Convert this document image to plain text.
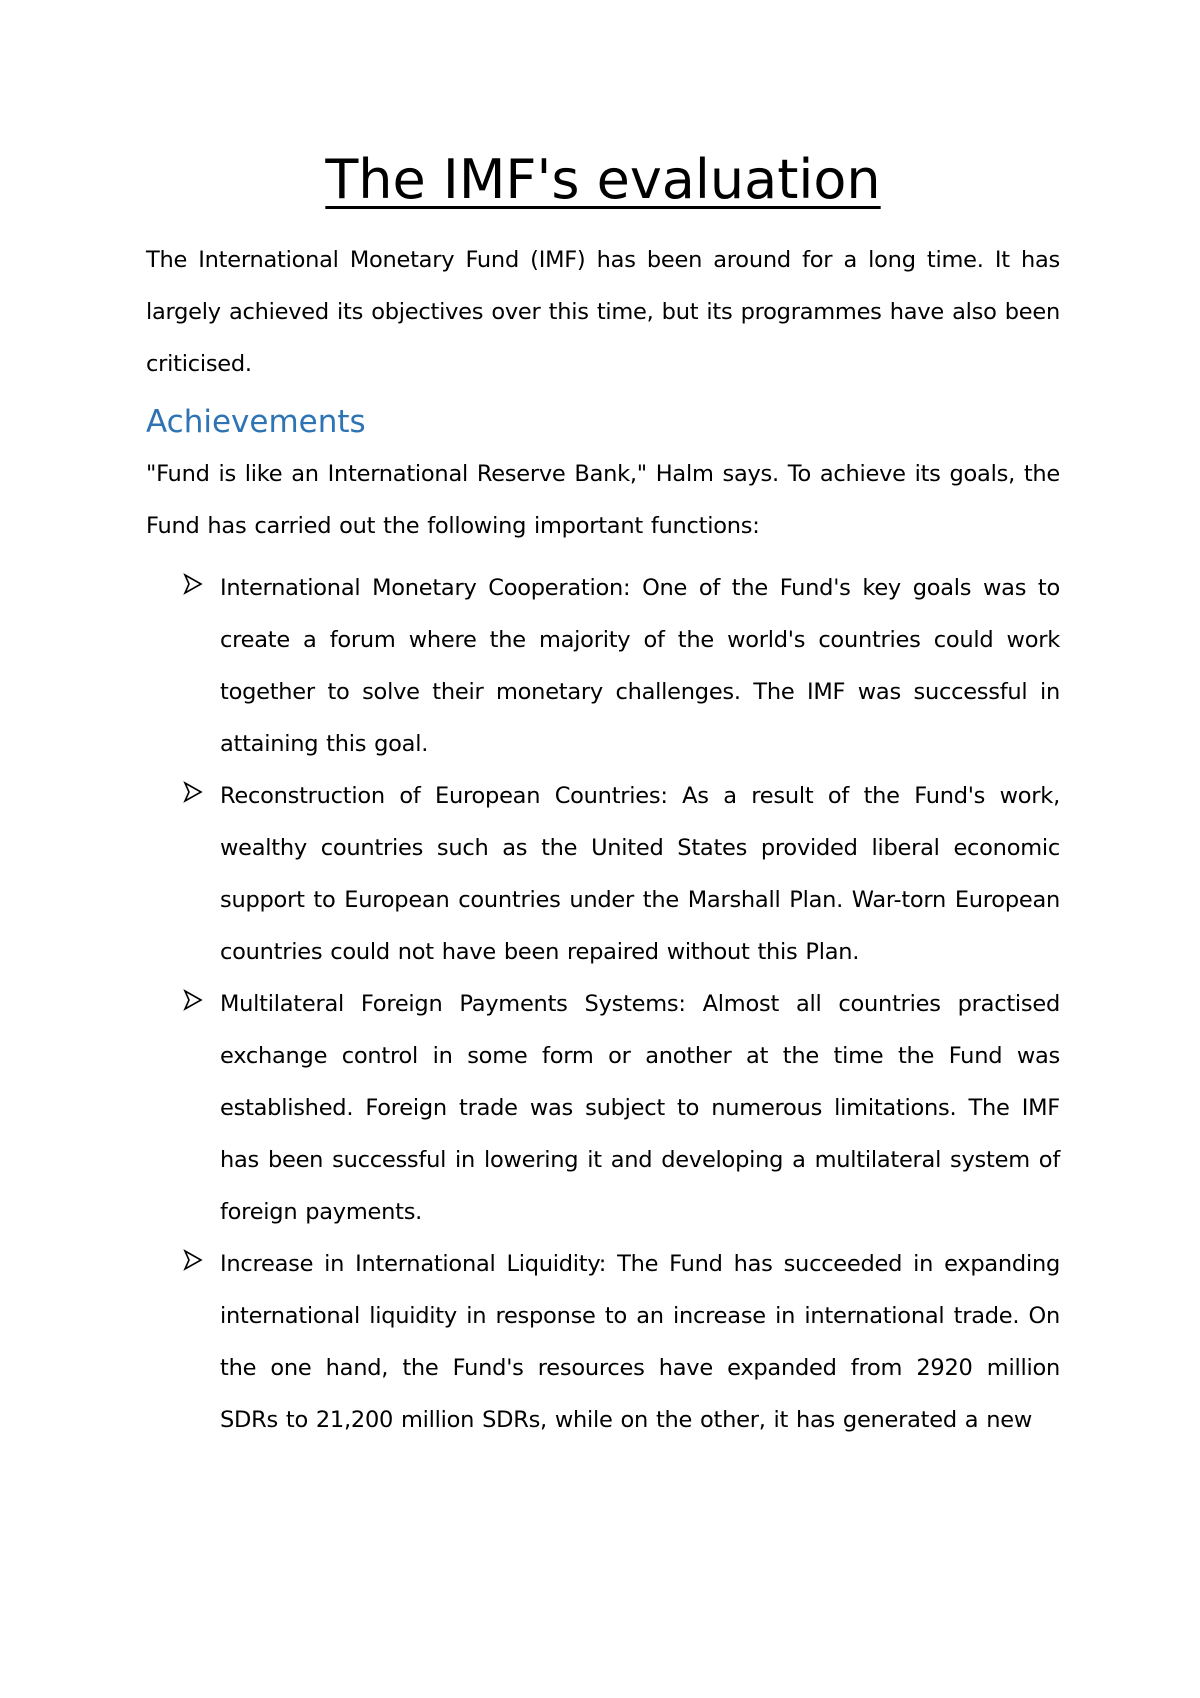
The IMF's evaluation

The International Monetary Fund (IMF) has been around for a long time. It has largely achieved its objectives over this time, but its programmes have also been criticised.

Achievements

"Fund is like an International Reserve Bank," Halm says. To achieve its goals, the Fund has carried out the following important functions:

International Monetary Cooperation: One of the Fund's key goals was to create a forum where the majority of the world's countries could work together to solve their monetary challenges. The IMF was successful in attaining this goal.

Reconstruction of European Countries: As a result of the Fund's work, wealthy countries such as the United States provided liberal economic support to European countries under the Marshall Plan. War-torn European countries could not have been repaired without this Plan.

Multilateral Foreign Payments Systems: Almost all countries practised exchange control in some form or another at the time the Fund was established. Foreign trade was subject to numerous limitations. The IMF has been successful in lowering it and developing a multilateral system of foreign payments.

Increase in International Liquidity: The Fund has succeeded in expanding international liquidity in response to an increase in international trade. On the one hand, the Fund's resources have expanded from 2920 million SDRs to 21,200 million SDRs, while on the other, it has generated a new
